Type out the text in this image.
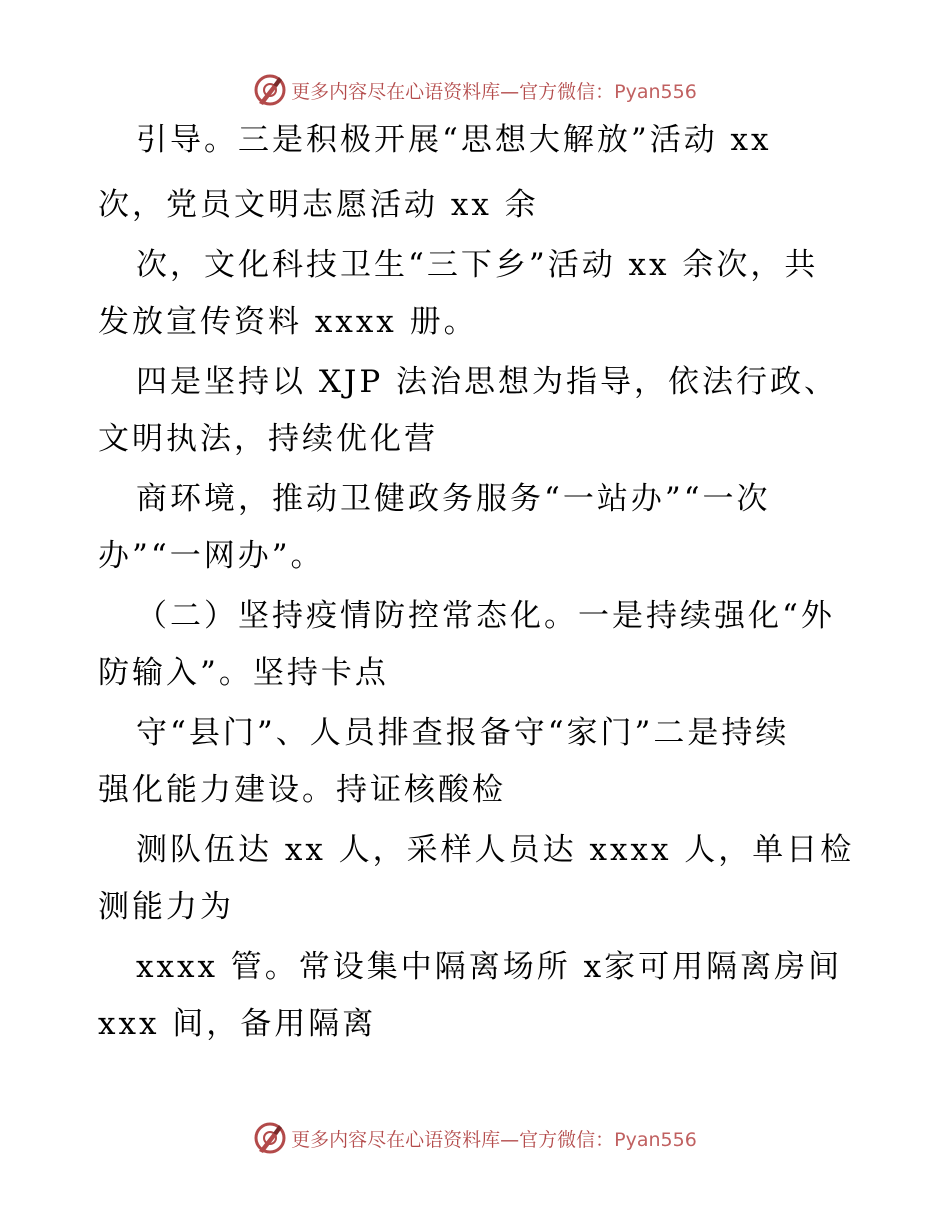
更多内容尽在心语资料库—官方微信：Pyan556
引导。三是积极开展“思想大解放”活动 xx
次，党员文明志愿活动 xx 余
次，文化科技卫生“三下乡”活动 xx 余次，共
发放宣传资料 xxxx 册。
四是坚持以 XJP 法治思想为指导，依法行政、
文明执法，持续优化营
商环境，推动卫健政务服务“一站办”“一次
办”“一网办”。
（二）坚持疫情防控常态化。一是持续强化“外
防输入”。坚持卡点
守“县门”、人员排查报备守“家门”二是持续
强化能力建设。持证核酸检
测队伍达 xx 人，采样人员达 xxxx 人，单日检
测能力为
xxxx 管。常设集中隔离场所 x家可用隔离房间
xxx 间，备用隔离
更多内容尽在心语资料库—官方微信：Pyan556
